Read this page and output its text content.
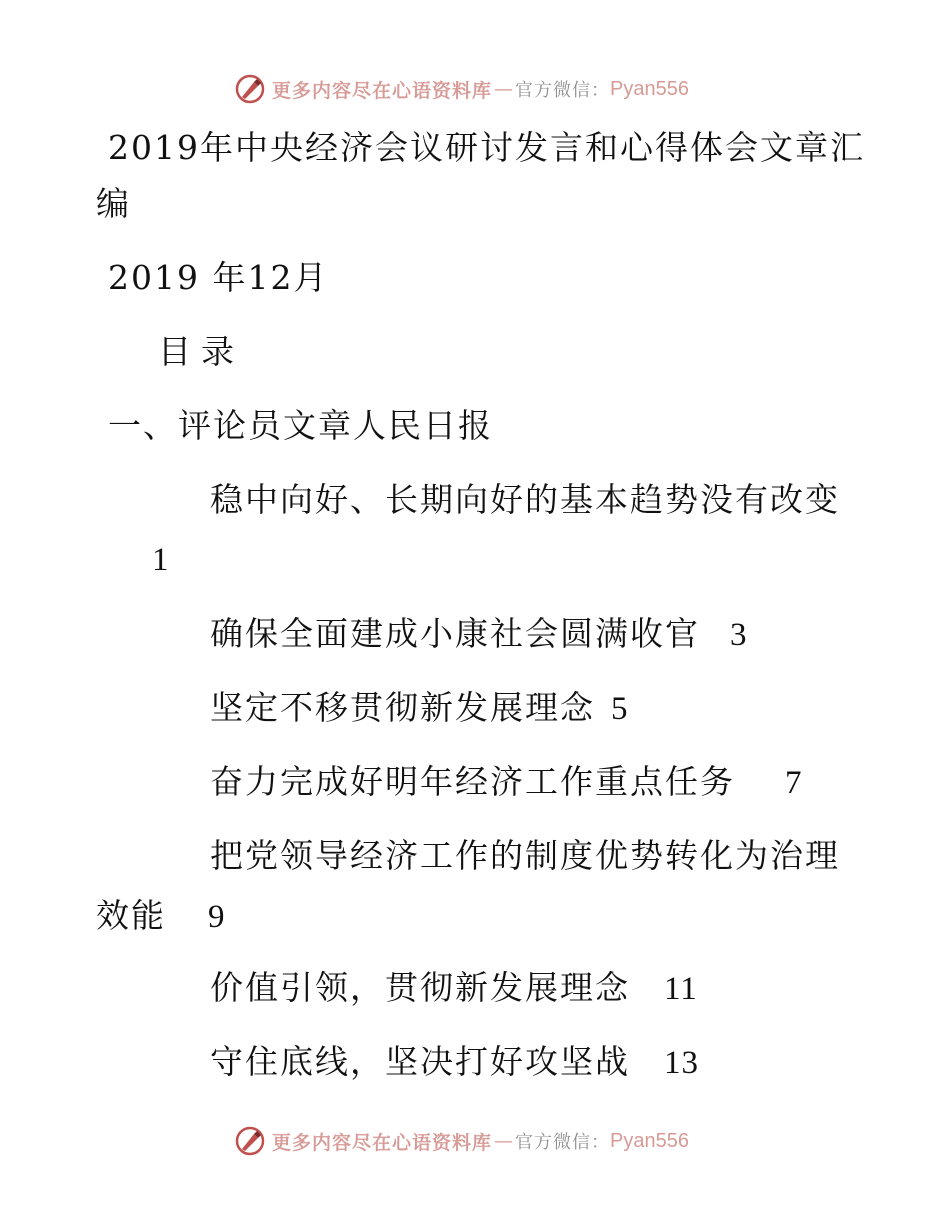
更多内容尽在心语资料库 — 官方微信： Pyan556
2019年中央经济会议研讨发言和心得体会文章汇
编
2019 年12月
目录
一、评论员文章人民日报
稳中向好、长期向好的基本趋势没有改变
1
确保全面建成小康社会圆满收官 3
坚定不移贯彻新发展理念 5
奋力完成好明年经济工作重点任务 7
把党领导经济工作的制度优势转化为治理
效能 9
价值引领，贯彻新发展理念 11
守住底线，坚决打好攻坚战 13
更多内容尽在心语资料库 — 官方微信： Pyan556
